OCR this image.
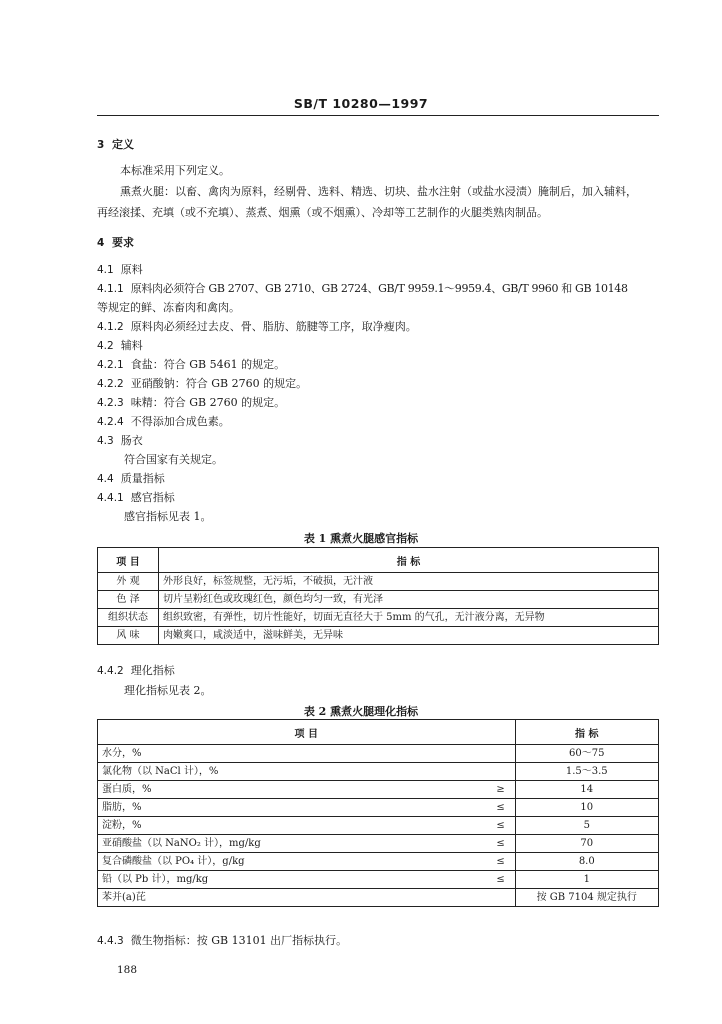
SB/T 10280—1997
3 定义
本标准采用下列定义。
熏煮火腿：以畜、禽肉为原料，经剔骨、选料、精选、切块、盐水注射（或盐水浸渍）腌制后，加入辅料，
再经滚揉、充填（或不充填）、蒸煮、烟熏（或不烟熏）、冷却等工艺制作的火腿类熟肉制品。
4 要求
4.1 原料
4.1.1 原料肉必须符合 GB 2707、GB 2710、GB 2724、GB/T 9959.1～9959.4、GB/T 9960 和 GB 10148
等规定的鲜、冻畜肉和禽肉。
4.1.2 原料肉必须经过去皮、骨、脂肪、筋腱等工序，取净瘦肉。
4.2 辅料
4.2.1 食盐：符合 GB 5461 的规定。
4.2.2 亚硝酸钠：符合 GB 2760 的规定。
4.2.3 味精：符合 GB 2760 的规定。
4.2.4 不得添加合成色素。
4.3 肠衣
符合国家有关规定。
4.4 质量指标
4.4.1 感官指标
感官指标见表 1。
表 1 熏煮火腿感官指标
项 目	指 标
外 观	外形良好，标签规整，无污垢，不破损，无汁液
色 泽	切片呈粉红色或玫瑰红色，颜色均匀一致，有光泽
组织状态	组织致密，有弹性，切片性能好，切面无直径大于 5mm 的气孔，无汁液分离，无异物
风 味	肉嫩爽口，咸淡适中，滋味鲜美，无异味
4.4.2 理化指标
理化指标见表 2。
表 2 熏煮火腿理化指标
项 目		指 标
水分，%		60～75
氯化物（以 NaCl 计），%		1.5～3.5
蛋白质，%	≥	14
脂肪，%	≤	10
淀粉，%	≤	5
亚硝酸盐（以 NaNO₂ 计），mg/kg	≤	70
复合磷酸盐（以 PO₄ 计），g/kg	≤	8.0
铅（以 Pb 计），mg/kg	≤	1
苯并(a)芘		按 GB 7104 规定执行
4.4.3 微生物指标：按 GB 13101 出厂指标执行。
188
